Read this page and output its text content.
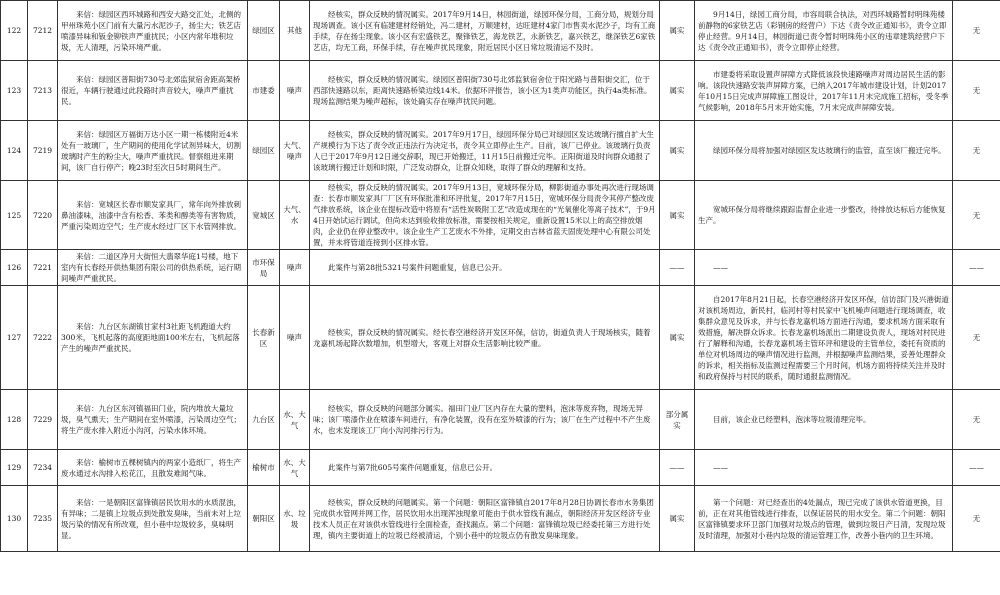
122	7212	来信：绿园区西环城路和西安大路交汇处，北侧的甲州珠苑小区门前有大量污水泥沙子，扬尘大；铁艺店喷漆异味和钣金铆铁声严重扰民；小区内常年堆积垃圾，无人清理，污染环境严重。	绿园区	其他	经核实，群众反映的情况属实。2017年9月14日，林园街道，绿园环保分局，工商分局，规划分局现场调查。该小区有临建建材经销处，冯二建材，万顺建材，达旺建材4家门市售卖水泥沙子，均有工商手续，存在扬尘现象。该小区有宏盛铁艺，聚锋铁艺，海龙铁艺，永新铁艺，嘉兴铁艺，继深铁艺6家铁艺店，均无工商，环保手续，存在噪声扰民现象，附近居民小区日常垃圾清运不及时。	属实	9月14日，绿园工商分局，市容局联合执法，对西环城路暂时明珠苑楼前静物的6家铁艺店（彩钢房的经营户）下达《责令改正通知书》，责令立即停止经营。9月14日，林园街道已责令暂时明珠苑小区的违章建筑经营户下达《责令改正通知书》，责令立即停止经营。	无
123	7213	来信：绿园区普阳街730号北郊监狱宿舍距高架桥很近，车辆行驶通过此段路时声音较大，噪声严重扰民。	市建委	噪声	经核实，群众反映的情况属实。绿园区普阳街730号北郊监狱宿舍位于阳光路与普阳街交汇，位于西部快速路以东，距离快速路桥梁边线14米。依据环评报告，该小区为1类声功能区，执行4a类标准。现场监测结果为噪声超标，该处确实存在噪声扰民问题。	属实	市建委将采取设置声屏障方式降低该段快速路噪声对周边居民生活的影响。该段快速路安装声屏障方案，已纳入2017年城市建设计划，计划2017年10月15日完成声屏障施工图设计，2017年11月末完成施工招标，受冬季气候影响，2018年5月末开始实施，7月末完成声屏障安装。	无
124	7219	来信：绿园区万福街万达小区一期一栋楼附近4米处有一玻璃厂，生产期间的使用化学试剂异味大，切割玻璃时产生的粉尘大，噪声严重扰民。督察组进来期间，该厂自行停产；晚23时至次日5时期间生产。	绿园区	大气、噪声	经核实，群众反映的情况属实。2017年9月17日，绿园环保分局已对绿园区发达玻璃行擅自扩大生产规模行为下达了责令改正违法行为决定书，责令其立即停止生产。目前，该厂已停业。该玻璃行负责人已于2017年9月12日递交辞职，现已开始搬迁，11月15日前搬迁完毕。正阳街道及时向群众通报了该玻璃行搬迁计划和时限，广泛发动群众，让群众知晓，取得了群众的理解和支持。	属实	绿园环保分局将加强对绿园区发达玻璃行的监管，直至该厂搬迁完毕。	无
125	7220	来信：宽城区长春市顺发家具厂，常年向外排放刺鼻油漆味，油漆中含有松香、苯类和醇类等有害物质，严重污染周边空气；生产废水经过厂区下水管网排放。	宽城区	大气、水	经核实，群众反映的情况属实。2017年9月13日，宽城环保分局，柳影街道办事处再次进行现场调查：长春市顺发家具厂厂区有环保批准和环评批复，2017年7月15日，宽城环保分局责令其停产整改废气排放系统，该企业在提标改造中将原有“活性炭吸附工艺”改造成现在的“光氧催化等离子技术”，于9月4日开始试运行调试，但尚未达到验收排放标准，需要按相关规定，重新设置15米以上的高空排放烟肉，企业仍在停业整改中。该企业生产工艺废水不外排，定期交由吉林省蓝天固废处理中心有限公司处置，并未将管道连接到小区排水管。	属实	宽城环保分局将继续跟踪监督企业进一步整改，待排放达标后方能恢复生产。	无
126	7221	来信：二道区净月大街恒大翡翠华庭1号楼，地下室内有长春经开供热集团有限公司的供热系统，运行期间噪声严重扰民。	市环保局	噪声	此案件与第28批5321号案件问题重复，信息已公开。	——	——	——
127	7222	来信：九台区东湖镇甘家村3社距飞机跑道大约300米，飞机起落的高度距地面100米左右，飞机起落产生的噪声严重扰民。	长春新区	噪声	经核实，群众反映的情况属实。经长春空港经济开发区环保，信访，街道负责人于现场核实，随着龙嘉机场起降次数增加，机型增大，客观上对群众生活影响比较严重。	属实	自2017年8月21日起，长春空港经济开发区环保，信访部门及兴港街道对该机场周边，新民村，临河村等村民家中飞机噪声问题进行现场调查，收集群众意见及诉求，并与长春龙嘉机场方面进行沟通，要求机场方面采取有效措施，解决群众诉求。长春龙嘉机场派出二期建设负责人，现场对村民进行了解释和沟通，长春龙嘉机场主管环评和建设的主管单位，委托有资质的单位对机场周边的噪声情况进行监测，并根据噪声监测结果，妥善处理群众的诉求，相关指标及监测过程需要三个月时间，机场方面将持续关注并及时和政府保持与村民的联系，随时通报监测情况。	无
128	7229	来信：九台区东河镇福田门业，院内堆放大量垃圾，臭气熏天；生产期间在室外喷漆，污染周边空气；将生产废水排入附近小沟河，污染水体环境。	九台区	水、大气	经核实，群众反映的问题部分属实。福田门业厂区内存在大量的塑料，泡沫等废弃物，现场无异味；该厂喷漆作业在喷漆车间进行，有净化装置，没有在室外喷漆的行为；该厂在生产过程中不产生废水，也未发现该工厂向小沟河排污行为。	部分属实	目前，该企业已经塑料，泡沫等垃圾清理完毕。	无
129	7234	来信：榆树市五棵树镇内的两家小造纸厂，将生产废水通过水沟排入松花江，且散发难闻气味。	榆树市	水、大气	此案件与第7批605号案件问题重复，信息已公开。	——	——	——
130	7235	来信：一是朝阳区富锋镇居民饮用水的水质混浊，有异味；二是镇上垃圾点到处散发臭味，当前未对上垃圾污染的情况有所改观，但小巷中垃圾较多，臭味明显。	朝阳区	水、垃圾	经核实，群众反映的问题属实。第一个问题：朝阳区富锋镇自2017年8月28日协调长春市水务集团完成供水管网并网工作，居民饮用水出现浑浊现象可能由于供水管线有漏点，朝阳经济开发区经济专业技术人员正在对该供水管线进行全面检查，查找漏点。第二个问题：富锋镇垃圾已经委托第三方进行处理，镇内主要街道上的垃圾已经被清运，个别小巷中的垃圾点仍有散发臭味现象。	属实	第一个问题：对已经查出的4处漏点，现已完成了该供水管道更换，目前，正在对其他管线进行排查，以保证居民的用水安全。第二个问题：朝阳区富锋镇要求环卫部门加强对垃圾点的管理，做到垃圾日产日清，发现垃圾及时清理，加强对小巷内垃圾的清运管理工作，改善小巷内的卫生环境。	无
